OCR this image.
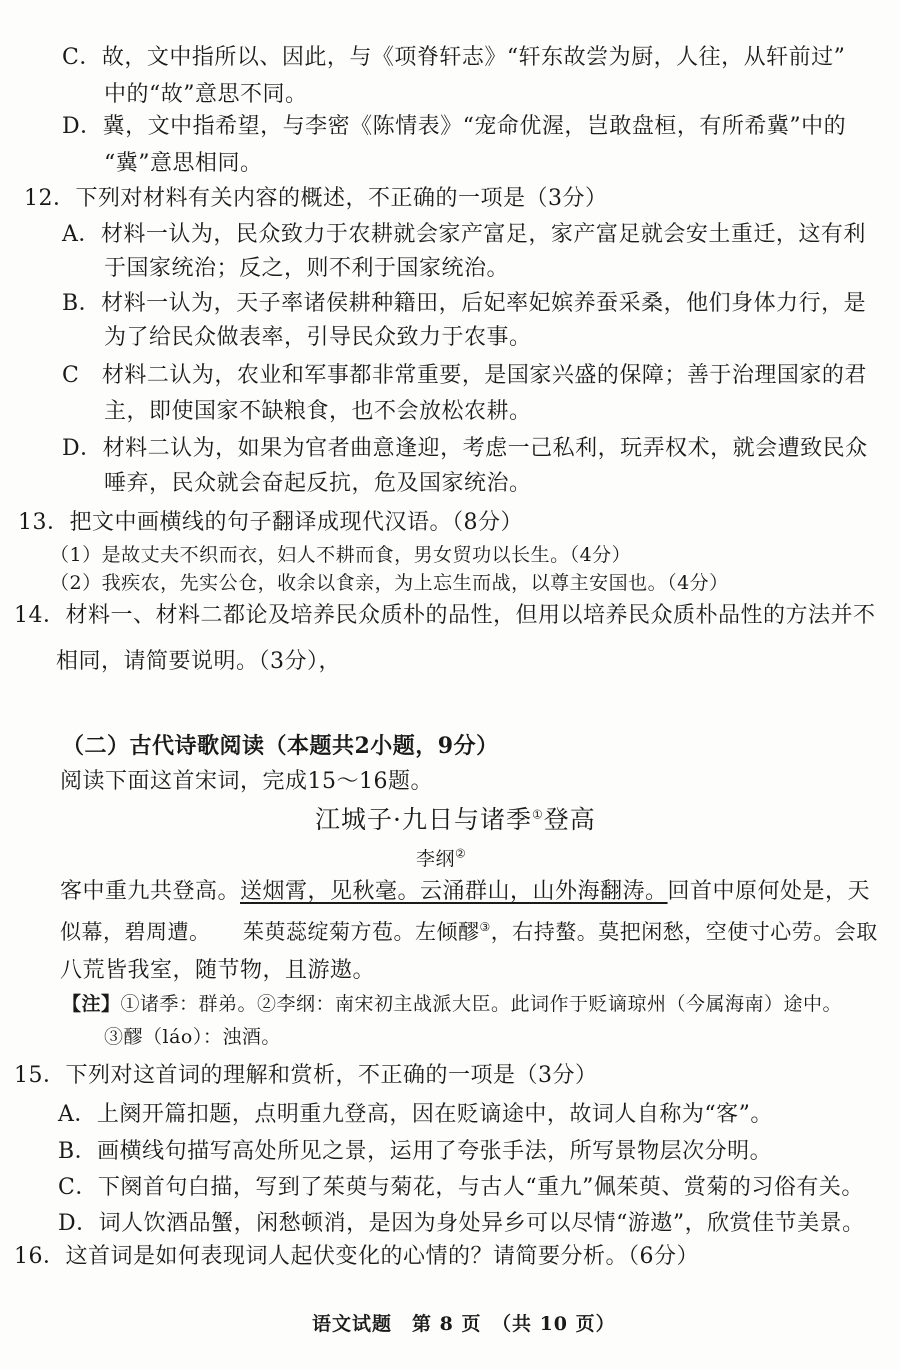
C．故，文中指所以、因此，与《项脊轩志》“轩东故尝为厨，人往，从轩前过”
中的“故”意思不同。
D．冀，文中指希望，与李密《陈情表》“宠命优渥，岂敢盘桓，有所希冀”中的
“冀”意思相同。
12．下列对材料有关内容的概述，不正确的一项是（3分）
A．材料一认为，民众致力于农耕就会家产富足，家产富足就会安土重迁，这有利
于国家统治；反之，则不利于国家统治。
B．材料一认为，天子率诸侯耕种籍田，后妃率妃嫔养蚕采桑，他们身体力行，是
为了给民众做表率，引导民众致力于农事。
C　材料二认为，农业和军事都非常重要，是国家兴盛的保障；善于治理国家的君
主，即使国家不缺粮食，也不会放松农耕。
D．材料二认为，如果为官者曲意逢迎，考虑一己私利，玩弄权术，就会遭致民众
唾弃，民众就会奋起反抗，危及国家统治。
13．把文中画横线的句子翻译成现代汉语。（8分）
（1）是故丈夫不织而衣，妇人不耕而食，男女贸功以长生。（4分）
（2）我疾农，先实公仓，收余以食亲，为上忘生而战，以尊主安国也。（4分）
14．材料一、材料二都论及培养民众质朴的品性，但用以培养民众质朴品性的方法并不
相同，请简要说明。（3分），
（二）古代诗歌阅读（本题共2小题，9分）
阅读下面这首宋词，完成15～16题。
江城子·九日与诸季①登高
李纲②
客中重九共登高。送烟霄，见秋毫。云涌群山，山外海翻涛。回首中原何处是，天
似幕，碧周遭。　　茱萸蕊绽菊方苞。左倾醪③，右持螯。莫把闲愁，空使寸心劳。会取
八荒皆我室，随节物，且游遨。
【注】①诸季：群弟。②李纲：南宋初主战派大臣。此词作于贬谪琼州（今属海南）途中。
③醪（láo）：浊酒。
15．下列对这首词的理解和赏析，不正确的一项是（3分）
A．上阕开篇扣题，点明重九登高，因在贬谪途中，故词人自称为“客”。
B．画横线句描写高处所见之景，运用了夸张手法，所写景物层次分明。
C．下阕首句白描，写到了茱萸与菊花，与古人“重九”佩茱萸、赏菊的习俗有关。
D．词人饮酒品蟹，闲愁顿消，是因为身处异乡可以尽情“游遨”，欣赏佳节美景。
16．这首词是如何表现词人起伏变化的心情的？请简要分析。（6分）
语文试题　第 8 页　（共 10 页）
